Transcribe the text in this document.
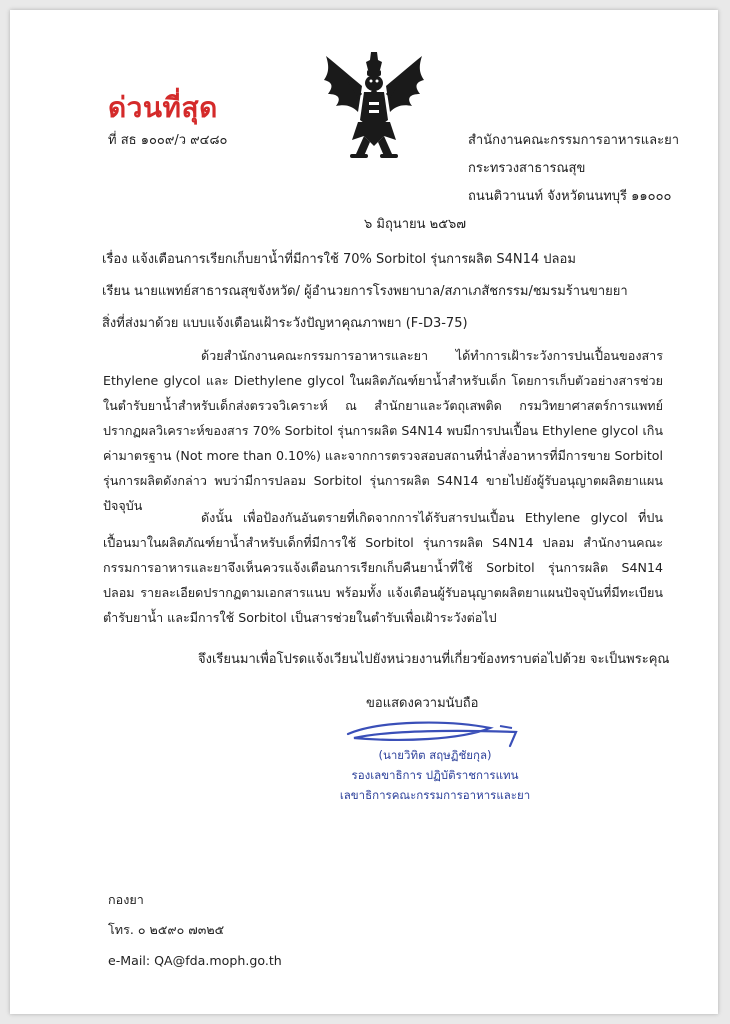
ด่วนที่สุด
ที่ สธ ๑๐๐๙/ว ๙๔๘๐	สำนักงานคณะกรรมการอาหารและยา
กระทรวงสาธารณสุข
ถนนติวานนท์ จังหวัดนนทบุรี ๑๑๐๐๐
๖ มิถุนายน ๒๕๖๗
เรื่อง แจ้งเตือนการเรียกเก็บยาน้ำที่มีการใช้ 70% Sorbitol รุ่นการผลิต S4N14 ปลอม
เรียน นายแพทย์สาธารณสุขจังหวัด/ ผู้อำนวยการโรงพยาบาล/สภาเภสัชกรรม/ชมรมร้านขายยา
สิ่งที่ส่งมาด้วย แบบแจ้งเตือนเฝ้าระวังปัญหาคุณภาพยา (F-D3-75)
ด้วยสำนักงานคณะกรรมการอาหารและยา ได้ทำการเฝ้าระวังการปนเปื้อนของสาร Ethylene glycol และ Diethylene glycol ในผลิตภัณฑ์ยาน้ำสำหรับเด็ก โดยการเก็บตัวอย่างสารช่วยในตำรับยาน้ำสำหรับเด็กส่งตรวจวิเคราะห์ ณ สำนักยาและวัตถุเสพติด กรมวิทยาศาสตร์การแพทย์ ปรากฏผลวิเคราะห์ของสาร 70% Sorbitol รุ่นการผลิต S4N14 พบมีการปนเปื้อน Ethylene glycol เกินค่ามาตรฐาน (Not more than 0.10%) และจากการตรวจสอบสถานที่นำสั่งอาหารที่มีการขาย Sorbitol รุ่นการผลิตดังกล่าว พบว่ามีการปลอม Sorbitol รุ่นการผลิต S4N14 ขายไปยังผู้รับอนุญาตผลิตยาแผนปัจจุบัน
ดังนั้น เพื่อป้องกันอันตรายที่เกิดจากการได้รับสารปนเปื้อน Ethylene glycol ที่ปนเปื้อนมาในผลิตภัณฑ์ยาน้ำสำหรับเด็กที่มีการใช้ Sorbitol รุ่นการผลิต S4N14 ปลอม สำนักงานคณะกรรมการอาหารและยาจึงเห็นควรแจ้งเตือนการเรียกเก็บคืนยาน้ำที่ใช้ Sorbitol รุ่นการผลิต S4N14 ปลอม รายละเอียดปรากฏตามเอกสารแนบ พร้อมทั้ง แจ้งเตือนผู้รับอนุญาตผลิตยาแผนปัจจุบันที่มีทะเบียนตำรับยาน้ำ และมีการใช้ Sorbitol เป็นสารช่วยในตำรับเพื่อเฝ้าระวังต่อไป
จึงเรียนมาเพื่อโปรดแจ้งเวียนไปยังหน่วยงานที่เกี่ยวข้องทราบต่อไปด้วย จะเป็นพระคุณ
ขอแสดงความนับถือ
(นายวิทิต สฤษฏิชัยกุล)
รองเลขาธิการ ปฏิบัติราชการแทน
เลขาธิการคณะกรรมการอาหารและยา
กองยา
โทร. ๐ ๒๕๙๐ ๗๓๒๕
e-Mail: QA@fda.moph.go.th
